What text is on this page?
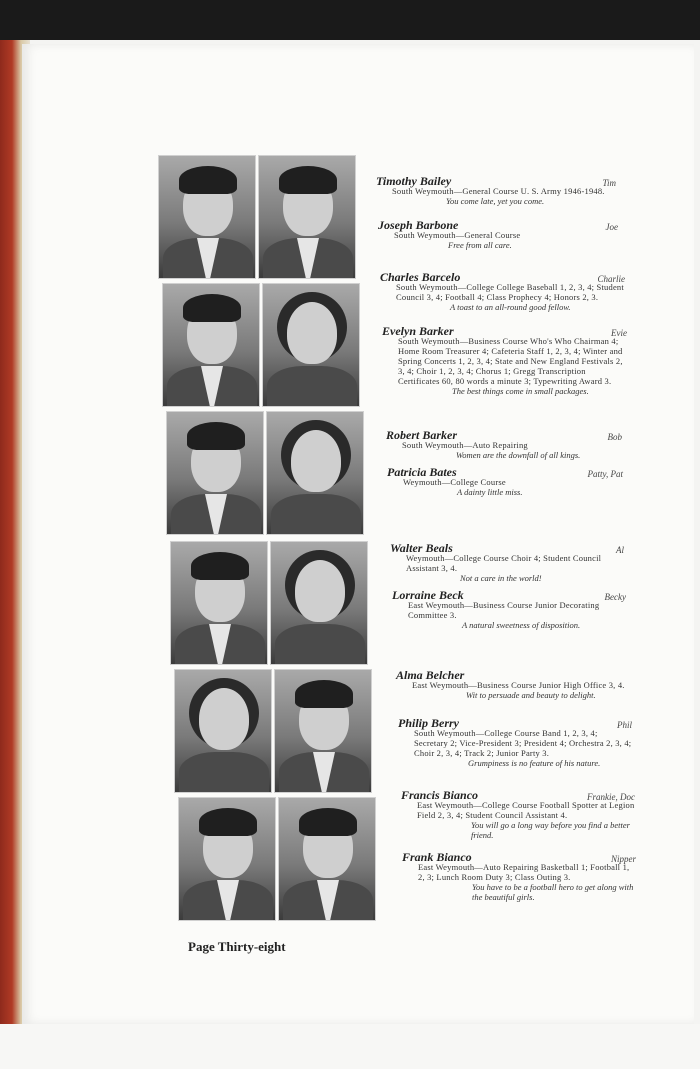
Timothy Bailey	Tim
South Weymouth—General Course U. S. Army 1946-1948.
You come late, yet you come.
Joseph Barbone	Joe
South Weymouth—General Course
Free from all care.
Charles Barcelo	Charlie
South Weymouth—College College Baseball 1, 2, 3, 4; Student Council 3, 4; Football 4; Class Prophecy 4; Honors 2, 3.
A toast to an all-round good fellow.
Evelyn Barker	Evie
South Weymouth—Business Course Who's Who Chairman 4; Home Room Treasurer 4; Cafeteria Staff 1, 2, 3, 4; Winter and Spring Concerts 1, 2, 3, 4; State and New England Festivals 2, 3, 4; Choir 1, 2, 3, 4; Chorus 1; Gregg Transcription Certificates 60, 80 words a minute 3; Typewriting Award 3.
The best things come in small packages.
Robert Barker	Bob
South Weymouth—Auto Repairing
Women are the downfall of all kings.
Patricia Bates	Patty, Pat
Weymouth—College Course
A dainty little miss.
Walter Beals	Al
Weymouth—College Course Choir 4; Student Council Assistant 3, 4.
Not a care in the world!
Lorraine Beck	Becky
East Weymouth—Business Course Junior Decorating Committee 3.
A natural sweetness of disposition.
Alma Belcher
East Weymouth—Business Course Junior High Office 3, 4.
Wit to persuade and beauty to delight.
Philip Berry	Phil
South Weymouth—College Course Band 1, 2, 3, 4; Secretary 2; Vice-President 3; President 4; Orchestra 2, 3, 4; Choir 2, 3, 4; Track 2; Junior Party 3.
Grumpiness is no feature of his nature.
Francis Bianco	Frankie, Doc
East Weymouth—College Course Football Spotter at Legion Field 2, 3, 4; Student Council Assistant 4.
You will go a long way before you find a better friend.
Frank Bianco	Nipper
East Weymouth—Auto Repairing Basketball 1; Football 1, 2, 3; Lunch Room Duty 3; Class Outing 3.
You have to be a football hero to get along with the beautiful girls.
Page Thirty-eight
